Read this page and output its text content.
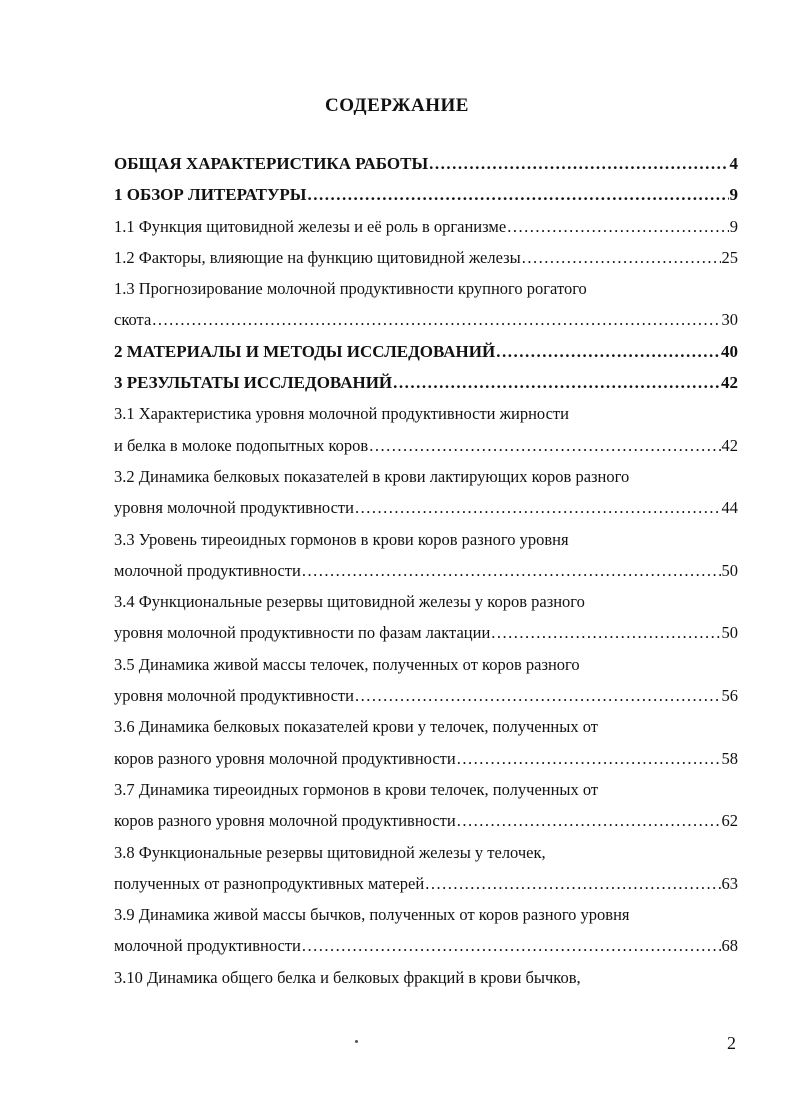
СОДЕРЖАНИЕ
ОБЩАЯ ХАРАКТЕРИСТИКА РАБОТЫ .....	4
1 ОБЗОР ЛИТЕРАТУРЫ .....	9
1.1 Функция щитовидной железы и её роль в организме .....	9
1.2 Факторы, влияющие на функцию щитовидной железы .....	25
1.3 Прогнозирование молочной продуктивности крупного рогатого
скота .....	30
2 МАТЕРИАЛЫ И МЕТОДЫ ИССЛЕДОВАНИЙ .....	40
3 РЕЗУЛЬТАТЫ ИССЛЕДОВАНИЙ .....	42
3.1 Характеристика уровня молочной продуктивности жирности
и белка в молоке подопытных коров .....	42
3.2 Динамика белковых показателей в крови лактирующих коров разного
уровня молочной продуктивности .....	44
3.3 Уровень тиреоидных гормонов в крови коров разного уровня
молочной продуктивности .....	50
3.4 Функциональные резервы щитовидной железы у коров разного
уровня молочной продуктивности по фазам лактации .....	50
3.5 Динамика живой массы телочек, полученных от коров разного
уровня молочной продуктивности .....	56
3.6 Динамика белковых показателей крови у телочек, полученных от
коров разного уровня молочной продуктивности .....	58
3.7 Динамика тиреоидных гормонов в крови телочек, полученных от
коров разного уровня молочной продуктивности .....	62
3.8 Функциональные резервы щитовидной железы у телочек,
полученных от разнопродуктивных матерей .....	63
3.9 Динамика живой массы бычков, полученных от коров разного уровня
молочной продуктивности .....	68
3.10 Динамика общего белка и белковых фракций в крови бычков,
2
